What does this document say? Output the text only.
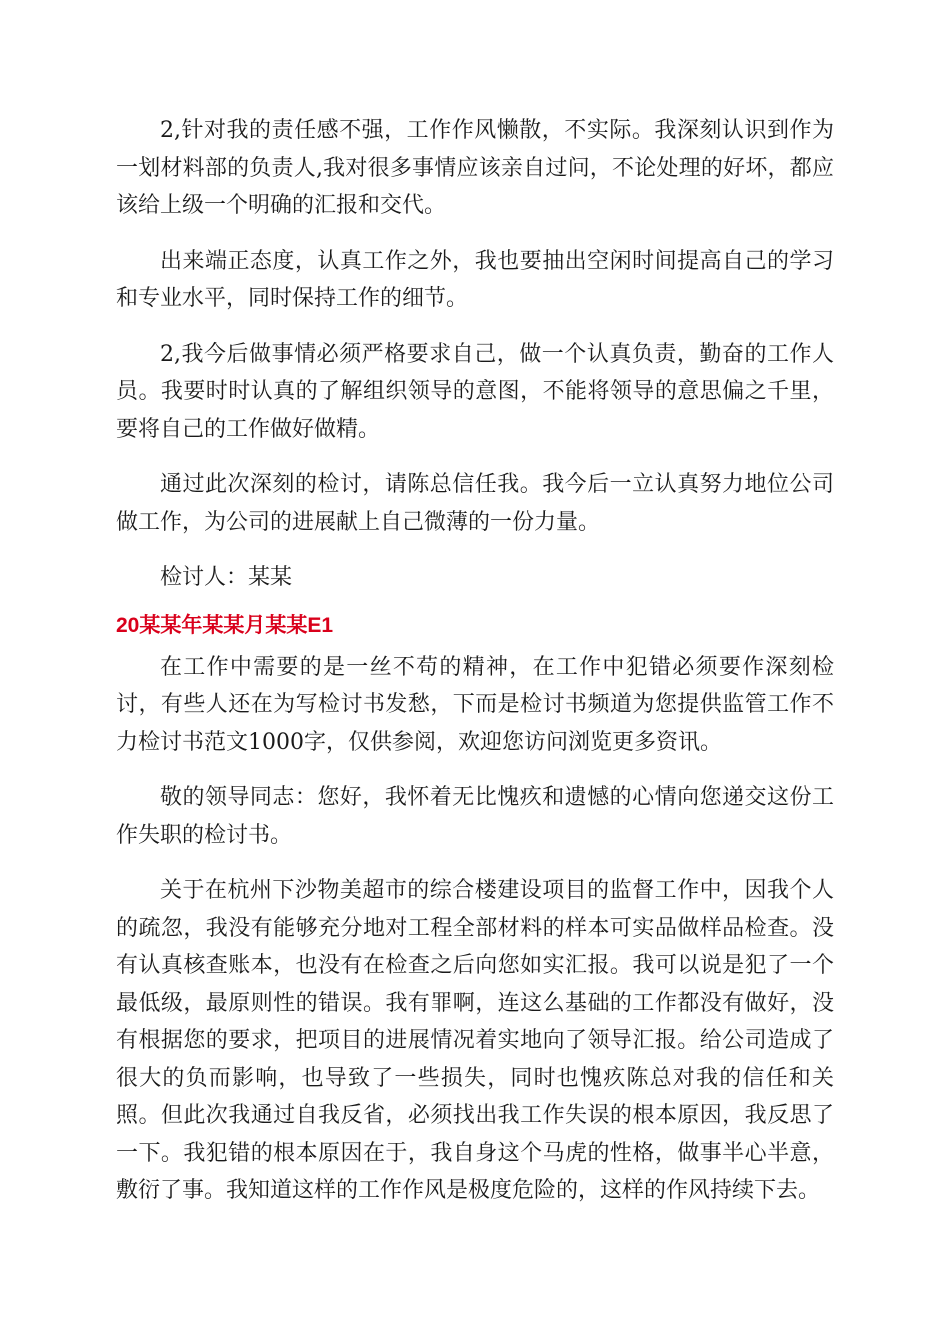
2,针对我的责任感不强，工作作风懒散，不实际。我深刻认识到作为一划材料部的负责人,我对很多事情应该亲自过问，不论处理的好坏，都应该给上级一个明确的汇报和交代。

出来端正态度，认真工作之外，我也要抽出空闲时间提高自己的学习和专业水平，同时保持工作的细节。

2,我今后做事情必须严格要求自己，做一个认真负责，勤奋的工作人员。我要时时认真的了解组织领导的意图，不能将领导的意思偏之千里，要将自己的工作做好做精。

通过此次深刻的检讨，请陈总信任我。我今后一立认真努力地位公司做工作，为公司的进展献上自己微薄的一份力量。

检讨人：某某

20某某年某某月某某E1

在工作中需要的是一丝不苟的精神，在工作中犯错必须要作深刻检讨，有些人还在为写检讨书发愁，下而是检讨书频道为您提供监管工作不力检讨书范文1000字，仅供参阅，欢迎您访问浏览更多资讯。

敬的领导同志：您好，我怀着无比愧疚和遗憾的心情向您递交这份工作失职的检讨书。

关于在杭州下沙物美超市的综合楼建设项目的监督工作中，因我个人的疏忽，我没有能够充分地对工程全部材料的样本可实品做样品检查。没有认真核查账本，也没有在检查之后向您如实汇报。我可以说是犯了一个最低级，最原则性的错误。我有罪啊，连这么基础的工作都没有做好，没有根据您的要求，把项目的进展情况着实地向了领导汇报。给公司造成了很大的负而影响，也导致了一些损失，同时也愧疚陈总对我的信任和关照。但此次我通过自我反省，必须找出我工作失误的根本原因，我反思了一下。我犯错的根本原因在于，我自身这个马虎的性格，做事半心半意，敷衍了事。我知道这样的工作作风是极度危险的，这样的作风持续下去。
